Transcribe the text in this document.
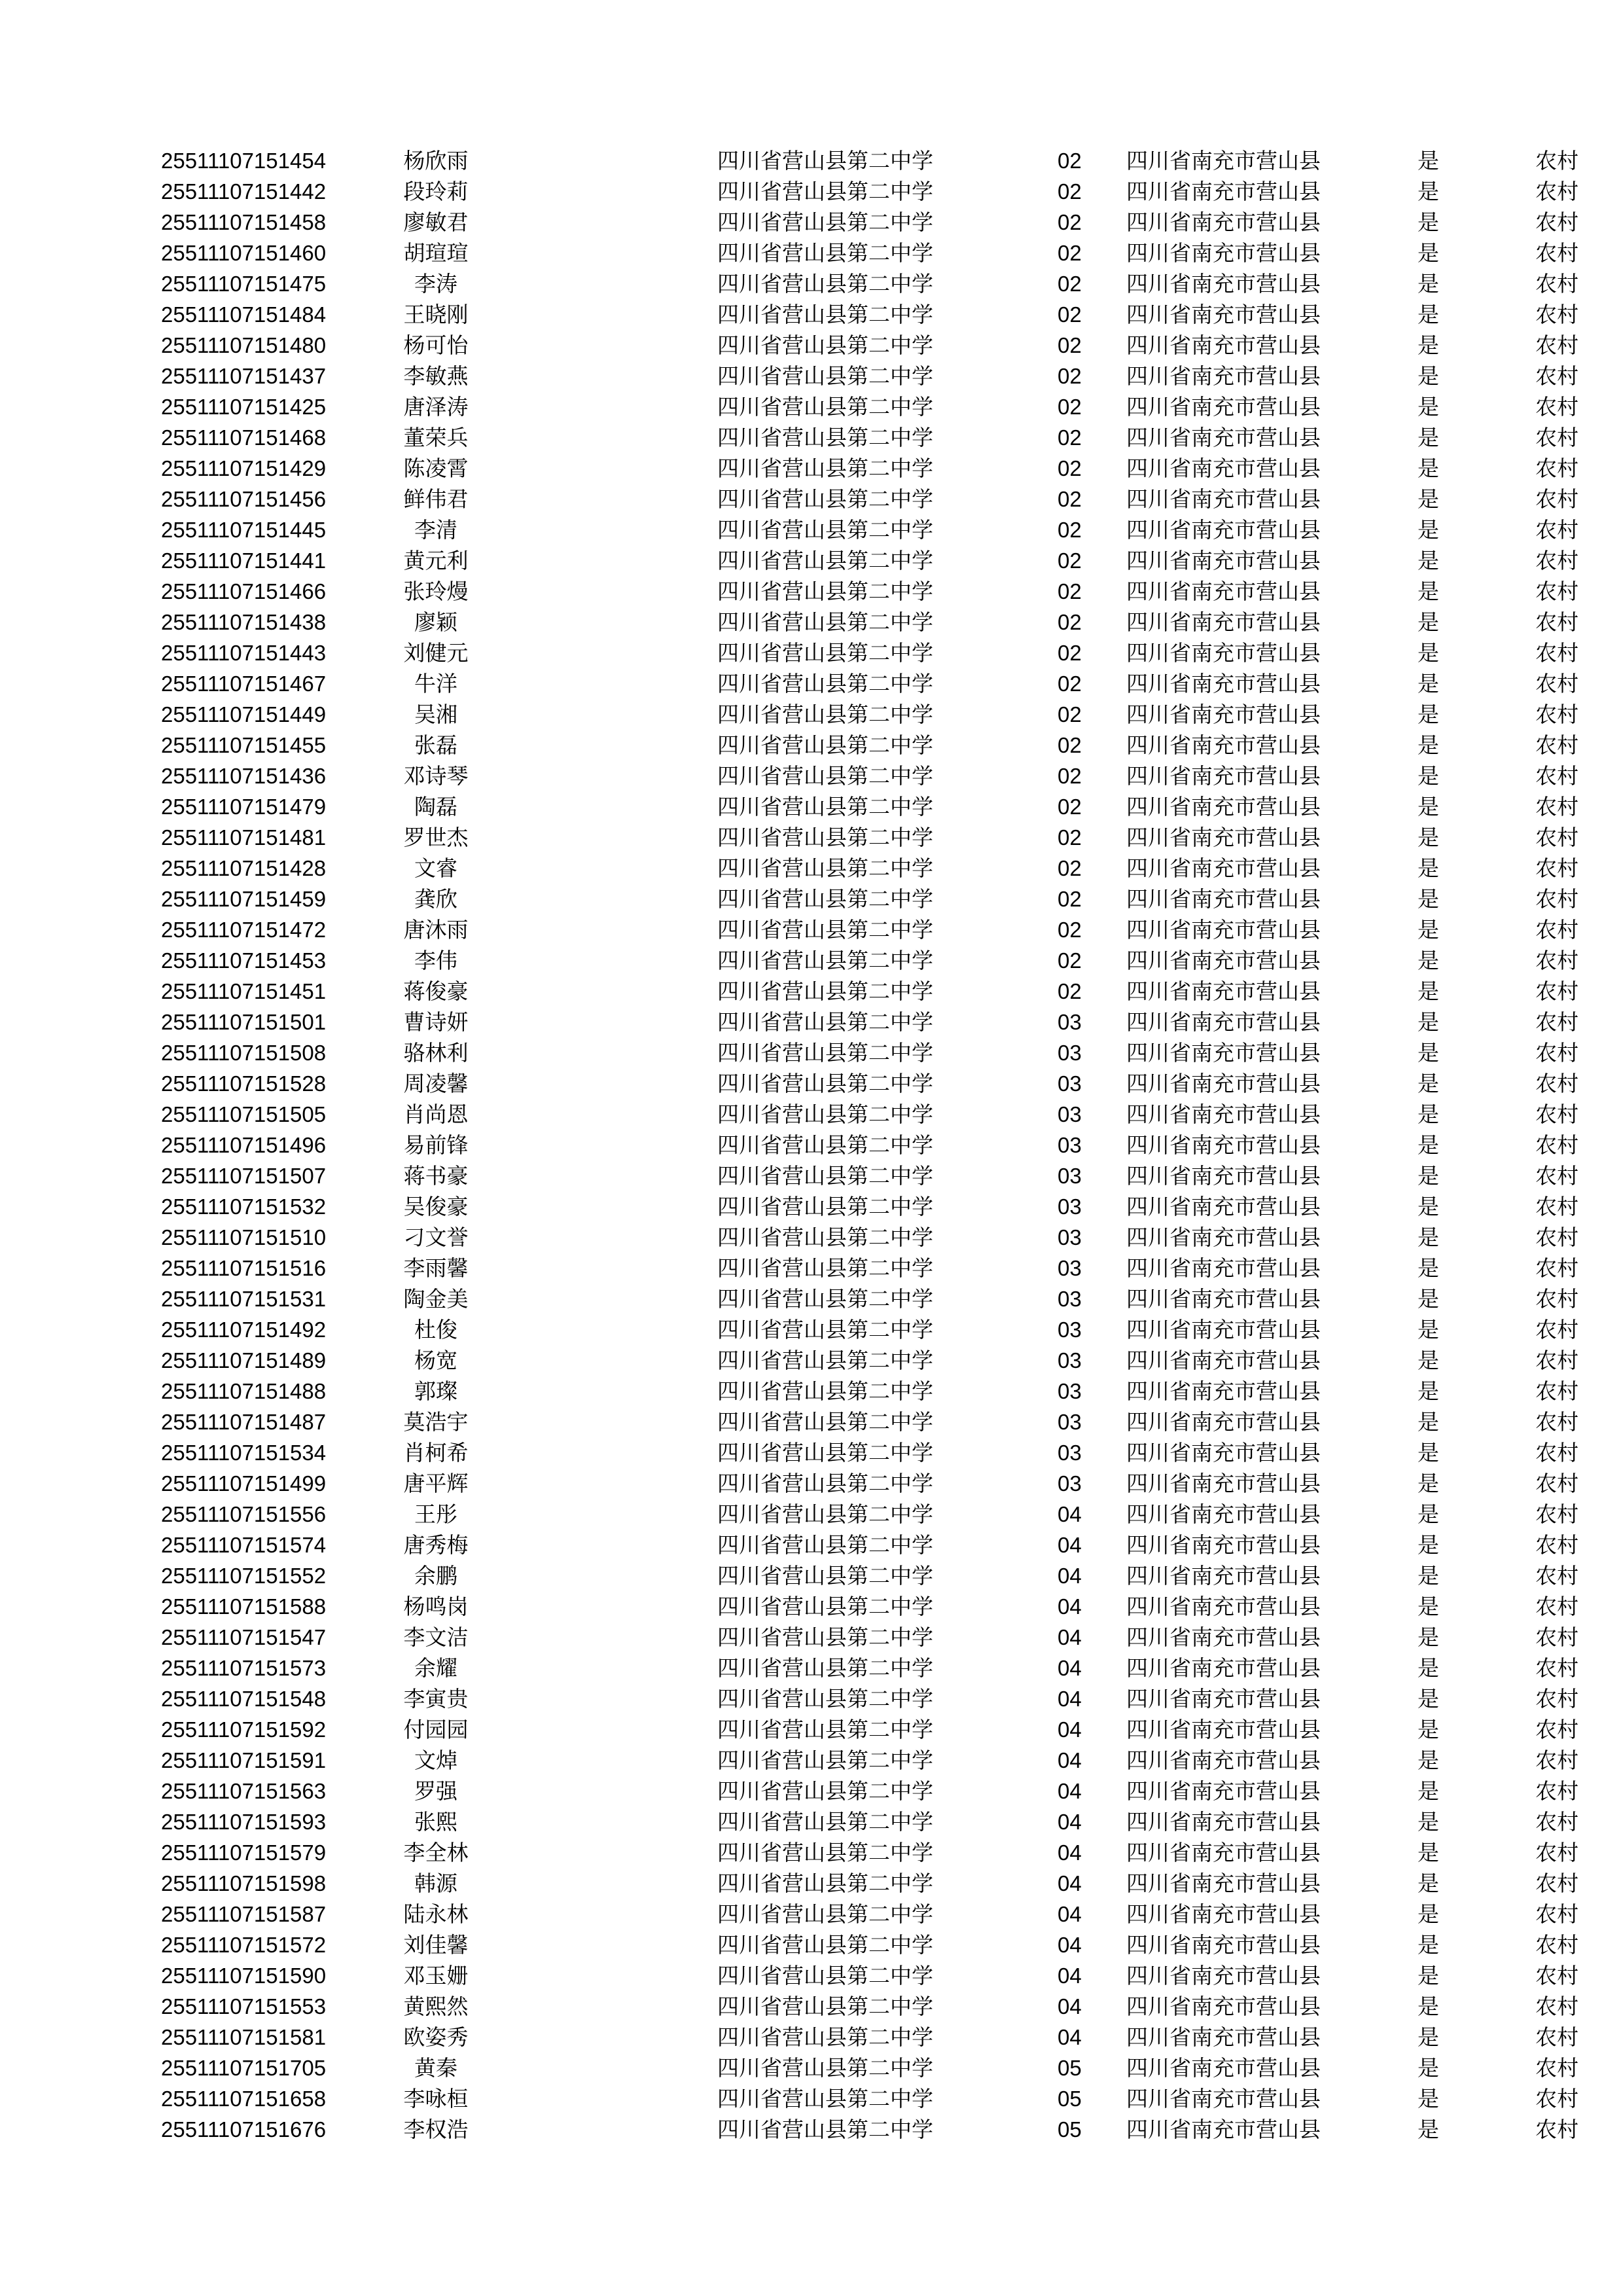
25511107151454	杨欣雨	四川省营山县第二中学	02	四川省南充市营山县	是	农村
25511107151442	段玲莉	四川省营山县第二中学	02	四川省南充市营山县	是	农村
25511107151458	廖敏君	四川省营山县第二中学	02	四川省南充市营山县	是	农村
25511107151460	胡瑄瑄	四川省营山县第二中学	02	四川省南充市营山县	是	农村
25511107151475	李涛	四川省营山县第二中学	02	四川省南充市营山县	是	农村
25511107151484	王晓刚	四川省营山县第二中学	02	四川省南充市营山县	是	农村
25511107151480	杨可怡	四川省营山县第二中学	02	四川省南充市营山县	是	农村
25511107151437	李敏燕	四川省营山县第二中学	02	四川省南充市营山县	是	农村
25511107151425	唐泽涛	四川省营山县第二中学	02	四川省南充市营山县	是	农村
25511107151468	董荣兵	四川省营山县第二中学	02	四川省南充市营山县	是	农村
25511107151429	陈凌霄	四川省营山县第二中学	02	四川省南充市营山县	是	农村
25511107151456	鲜伟君	四川省营山县第二中学	02	四川省南充市营山县	是	农村
25511107151445	李清	四川省营山县第二中学	02	四川省南充市营山县	是	农村
25511107151441	黄元利	四川省营山县第二中学	02	四川省南充市营山县	是	农村
25511107151466	张玲熳	四川省营山县第二中学	02	四川省南充市营山县	是	农村
25511107151438	廖颖	四川省营山县第二中学	02	四川省南充市营山县	是	农村
25511107151443	刘健元	四川省营山县第二中学	02	四川省南充市营山县	是	农村
25511107151467	牛洋	四川省营山县第二中学	02	四川省南充市营山县	是	农村
25511107151449	吴湘	四川省营山县第二中学	02	四川省南充市营山县	是	农村
25511107151455	张磊	四川省营山县第二中学	02	四川省南充市营山县	是	农村
25511107151436	邓诗琴	四川省营山县第二中学	02	四川省南充市营山县	是	农村
25511107151479	陶磊	四川省营山县第二中学	02	四川省南充市营山县	是	农村
25511107151481	罗世杰	四川省营山县第二中学	02	四川省南充市营山县	是	农村
25511107151428	文睿	四川省营山县第二中学	02	四川省南充市营山县	是	农村
25511107151459	龚欣	四川省营山县第二中学	02	四川省南充市营山县	是	农村
25511107151472	唐沐雨	四川省营山县第二中学	02	四川省南充市营山县	是	农村
25511107151453	李伟	四川省营山县第二中学	02	四川省南充市营山县	是	农村
25511107151451	蒋俊豪	四川省营山县第二中学	02	四川省南充市营山县	是	农村
25511107151501	曹诗妍	四川省营山县第二中学	03	四川省南充市营山县	是	农村
25511107151508	骆林利	四川省营山县第二中学	03	四川省南充市营山县	是	农村
25511107151528	周凌馨	四川省营山县第二中学	03	四川省南充市营山县	是	农村
25511107151505	肖尚恩	四川省营山县第二中学	03	四川省南充市营山县	是	农村
25511107151496	易前锋	四川省营山县第二中学	03	四川省南充市营山县	是	农村
25511107151507	蒋书豪	四川省营山县第二中学	03	四川省南充市营山县	是	农村
25511107151532	吴俊豪	四川省营山县第二中学	03	四川省南充市营山县	是	农村
25511107151510	刁文誉	四川省营山县第二中学	03	四川省南充市营山县	是	农村
25511107151516	李雨馨	四川省营山县第二中学	03	四川省南充市营山县	是	农村
25511107151531	陶金美	四川省营山县第二中学	03	四川省南充市营山县	是	农村
25511107151492	杜俊	四川省营山县第二中学	03	四川省南充市营山县	是	农村
25511107151489	杨宽	四川省营山县第二中学	03	四川省南充市营山县	是	农村
25511107151488	郭璨	四川省营山县第二中学	03	四川省南充市营山县	是	农村
25511107151487	莫浩宇	四川省营山县第二中学	03	四川省南充市营山县	是	农村
25511107151534	肖柯希	四川省营山县第二中学	03	四川省南充市营山县	是	农村
25511107151499	唐平辉	四川省营山县第二中学	03	四川省南充市营山县	是	农村
25511107151556	王彤	四川省营山县第二中学	04	四川省南充市营山县	是	农村
25511107151574	唐秀梅	四川省营山县第二中学	04	四川省南充市营山县	是	农村
25511107151552	余鹏	四川省营山县第二中学	04	四川省南充市营山县	是	农村
25511107151588	杨鸣岗	四川省营山县第二中学	04	四川省南充市营山县	是	农村
25511107151547	李文洁	四川省营山县第二中学	04	四川省南充市营山县	是	农村
25511107151573	余耀	四川省营山县第二中学	04	四川省南充市营山县	是	农村
25511107151548	李寅贵	四川省营山县第二中学	04	四川省南充市营山县	是	农村
25511107151592	付园园	四川省营山县第二中学	04	四川省南充市营山县	是	农村
25511107151591	文焯	四川省营山县第二中学	04	四川省南充市营山县	是	农村
25511107151563	罗强	四川省营山县第二中学	04	四川省南充市营山县	是	农村
25511107151593	张熙	四川省营山县第二中学	04	四川省南充市营山县	是	农村
25511107151579	李全林	四川省营山县第二中学	04	四川省南充市营山县	是	农村
25511107151598	韩源	四川省营山县第二中学	04	四川省南充市营山县	是	农村
25511107151587	陆永林	四川省营山县第二中学	04	四川省南充市营山县	是	农村
25511107151572	刘佳馨	四川省营山县第二中学	04	四川省南充市营山县	是	农村
25511107151590	邓玉姗	四川省营山县第二中学	04	四川省南充市营山县	是	农村
25511107151553	黄熙然	四川省营山县第二中学	04	四川省南充市营山县	是	农村
25511107151581	欧姿秀	四川省营山县第二中学	04	四川省南充市营山县	是	农村
25511107151705	黄秦	四川省营山县第二中学	05	四川省南充市营山县	是	农村
25511107151658	李咏桓	四川省营山县第二中学	05	四川省南充市营山县	是	农村
25511107151676	李权浩	四川省营山县第二中学	05	四川省南充市营山县	是	农村
